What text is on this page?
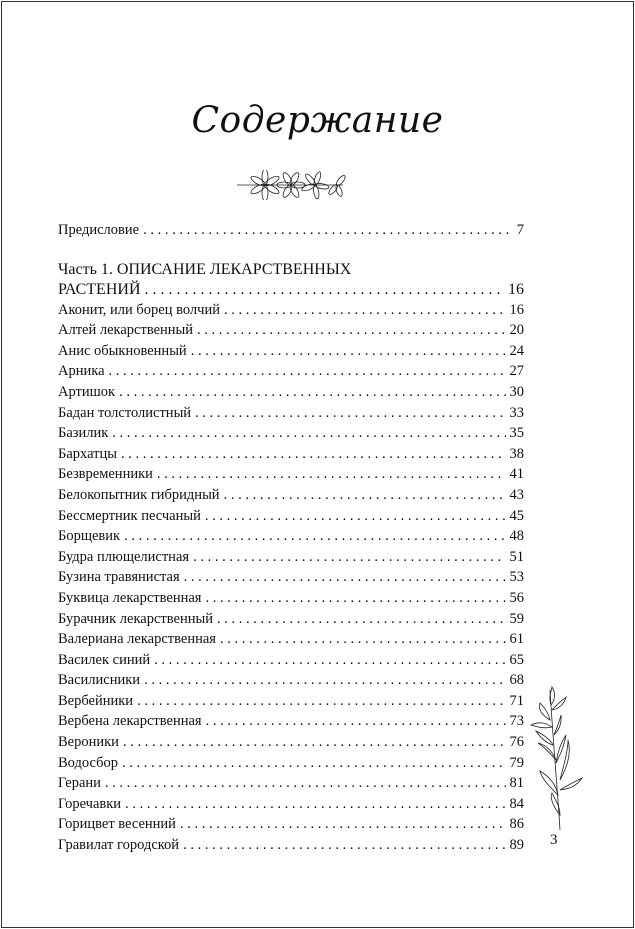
Содержание
Предисловие . . .	7
Часть 1. ОПИСАНИЕ ЛЕКАРСТВЕННЫХ
РАСТЕНИЙ . . .	16
Аконит, или борец волчий . . .	16
Алтей лекарственный . . .	20
Анис обыкновенный . . .	24
Арника . . .	27
Артишок . . .	30
Бадан толстолистный . . .	33
Базилик . . .	35
Бархатцы . . .	38
Безвременники . . .	41
Белокопытник гибридный . . .	43
Бессмертник песчаный . . .	45
Борщевик . . .	48
Будра плющелистная . . .	51
Бузина травянистая . . .	53
Буквица лекарственная . . .	56
Бурачник лекарственный . . .	59
Валериана лекарственная . . .	61
Василек синий . . .	65
Василисники . . .	68
Вербейники . . .	71
Вербена лекарственная . . .	73
Вероники . . .	76
Водосбор . . .	79
Герани . . .	81
Горечавки . . .	84
Горицвет весенний . . .	86
Гравилат городской . . .	89 3
